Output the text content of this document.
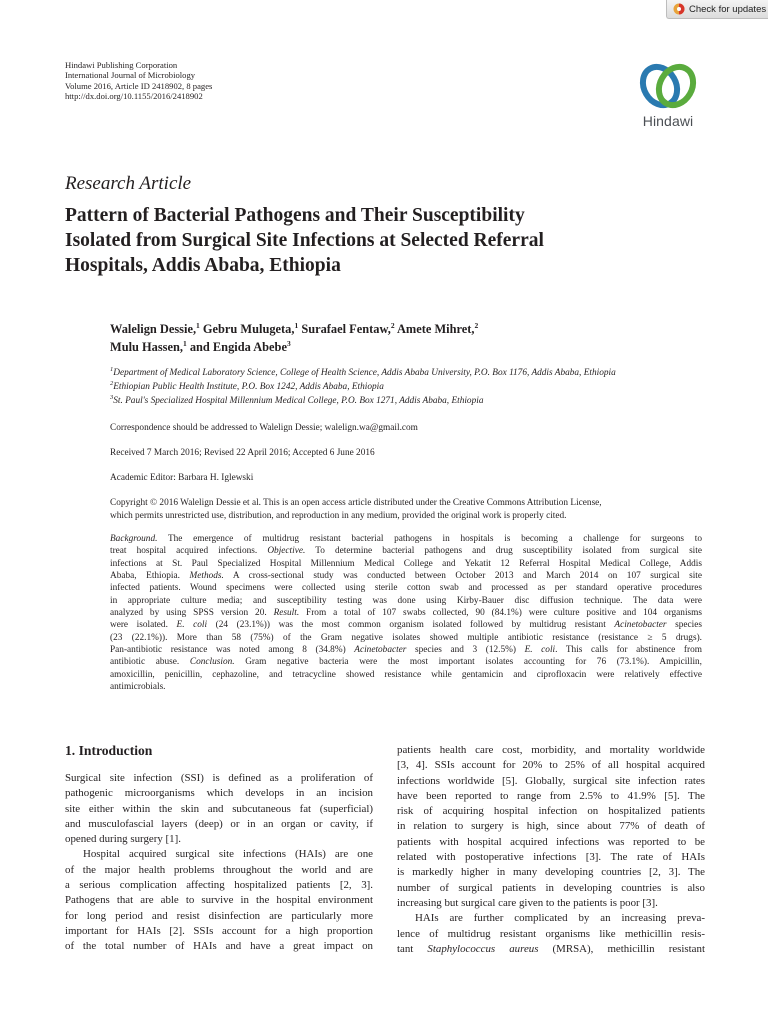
Check for updates
Hindawi Publishing Corporation
International Journal of Microbiology
Volume 2016, Article ID 2418902, 8 pages
http://dx.doi.org/10.1155/2016/2418902
Hindawi
Research Article
Pattern of Bacterial Pathogens and Their Susceptibility
Isolated from Surgical Site Infections at Selected Referral
Hospitals, Addis Ababa, Ethiopia
Walelign Dessie,$^1$ Gebru Mulugeta,$^1$ Surafael Fentaw,$^2$ Amete Mihret,$^2$
Mulu Hassen,$^1$ and Engida Abebe$^3$
$^1$Department of Medical Laboratory Science, College of Health Science, Addis Ababa University, P.O. Box 1176, Addis Ababa, Ethiopia
$^2$Ethiopian Public Health Institute, P.O. Box 1242, Addis Ababa, Ethiopia
$^3$St. Paul's Specialized Hospital Millennium Medical College, P.O. Box 1271, Addis Ababa, Ethiopia
Correspondence should be addressed to Walelign Dessie; walelign.wa@gmail.com
Received 7 March 2016; Revised 22 April 2016; Accepted 6 June 2016
Academic Editor: Barbara H. Iglewski
Copyright © 2016 Walelign Dessie et al. This is an open access article distributed under the Creative Commons Attribution License,
which permits unrestricted use, distribution, and reproduction in any medium, provided the original work is properly cited.
Background. The emergence of multidrug resistant bacterial pathogens in hospitals is becoming a challenge for surgeons to
treat hospital acquired infections. Objective. To determine bacterial pathogens and drug susceptibility isolated from surgical site
infections at St. Paul Specialized Hospital Millennium Medical College and Yekatit 12 Referral Hospital Medical College, Addis
Ababa, Ethiopia. Methods. A cross-sectional study was conducted between October 2013 and March 2014 on 107 surgical site
infected patients. Wound specimens were collected using sterile cotton swab and processed as per standard operative procedures
in appropriate culture media; and susceptibility testing was done using Kirby-Bauer disc diffusion technique. The data were
analyzed by using SPSS version 20. Result. From a total of 107 swabs collected, 90 (84.1%) were culture positive and 104 organisms
were isolated. E. coli (24 (23.1%)) was the most common organism isolated followed by multidrug resistant Acinetobacter species
(23 (22.1%)). More than 58 (75%) of the Gram negative isolates showed multiple antibiotic resistance (resistance ≥ 5 drugs).
Pan-antibiotic resistance was noted among 8 (34.8%) Acinetobacter species and 3 (12.5%) E. coli. This calls for abstinence from
antibiotic abuse. Conclusion. Gram negative bacteria were the most important isolates accounting for 76 (73.1%). Ampicillin,
amoxicillin, penicillin, cephazoline, and tetracycline showed resistance while gentamicin and ciprofloxacin were relatively effective
antimicrobials.
1. Introduction
Surgical site infection (SSI) is defined as a proliferation of
pathogenic microorganisms which develops in an incision
site either within the skin and subcutaneous fat (superficial)
and musculofascial layers (deep) or in an organ or cavity, if
opened during surgery [1].
Hospital acquired surgical site infections (HAIs) are one
of the major health problems throughout the world and are
a serious complication affecting hospitalized patients [2, 3].
Pathogens that are able to survive in the hospital environment
for long period and resist disinfection are particularly more
important for HAIs [2]. SSIs account for a high proportion
of the total number of HAIs and have a great impact on
patients health care cost, morbidity, and mortality worldwide
[3, 4]. SSIs account for 20% to 25% of all hospital acquired
infections worldwide [5]. Globally, surgical site infection rates
have been reported to range from 2.5% to 41.9% [5]. The
risk of acquiring hospital infection on hospitalized patients
in relation to surgery is high, since about 77% of death of
patients with hospital acquired infections was reported to be
related with postoperative infections [3]. The rate of HAIs
is markedly higher in many developing countries [2, 3]. The
number of surgical patients in developing countries is also
increasing but surgical care given to the patients is poor [3].
HAIs are further complicated by an increasing preva-
lence of multidrug resistant organisms like methicillin resis-
tant Staphylococcus aureus (MRSA), methicillin resistant
